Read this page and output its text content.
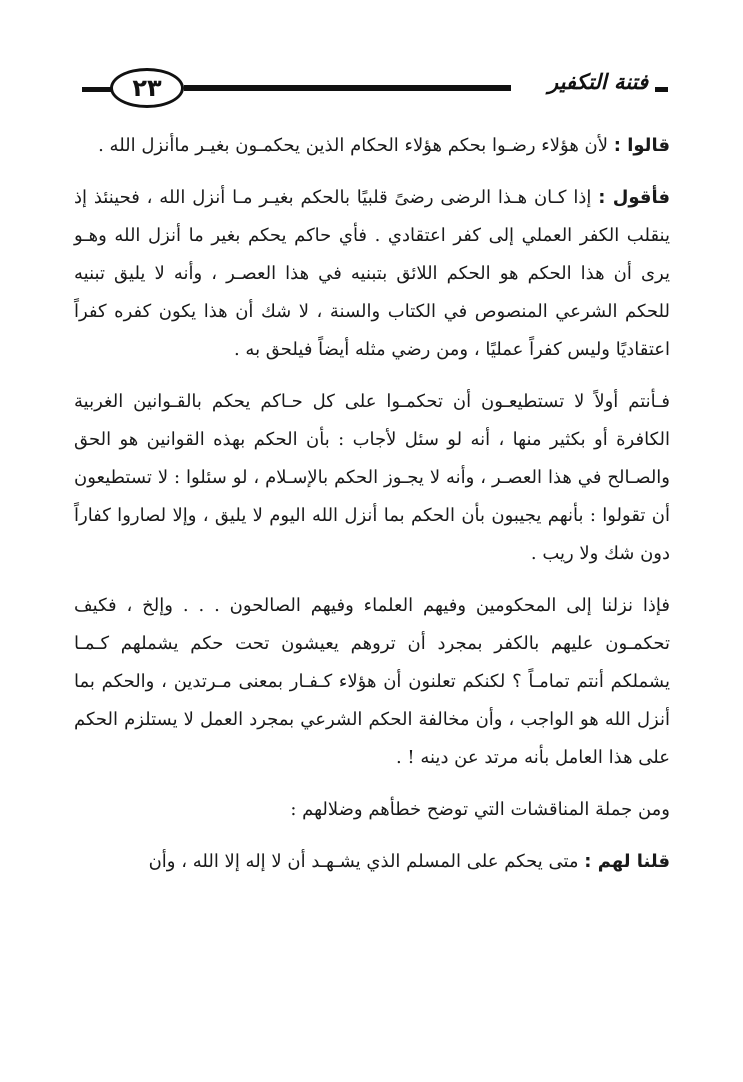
٢٣	فتنة التكفير

قالوا : لأن هؤلاء رضـوا بحكم هؤلاء الحكام الذين يحكمـون بغيـر ماأنزل الله .

فأقول : إذا كـان هـذا الرضى رضىً قلبيًا بالحكم بغيـر مـا أنزل الله ، فحينئذ إذ ينقلب الكفر العملي إلى كفر اعتقادي . فأي حاكم يحكم بغير ما أنزل الله وهـو يرى أن هذا الحكم هو الحكم اللائق بتبنيه في هذا العصـر ، وأنه لا يليق تبنيه للحكم الشرعي المنصوص في الكتاب والسنة ، لا شك أن هذا يكون كفره كفراً اعتقاديًا وليس كفراً عمليًا ، ومن رضي مثله أيضاً فيلحق به .

فـأنتم أولاً لا تستطيعـون أن تحكمـوا على كل حـاكم يحكم بالقـوانين الغربية الكافرة أو بكثير منها ، أنه لو سئل لأجاب : بأن الحكم بهذه القوانين هو الحق والصـالح في هذا العصـر ، وأنه لا يجـوز الحكم بالإسـلام ، لو سئلوا : لا تستطيعون أن تقولوا : بأنهم يجيبون بأن الحكم بما أنزل الله اليوم لا يليق ، وإلا لصاروا كفاراً دون شك ولا ريب .

فإذا نزلنا إلى المحكومين وفيهم العلماء وفيهم الصالحون . . . وإلخ ، فكيف تحكمـون عليهم بالكفر بمجرد أن تروهم يعيشون تحت حكم يشملهم كـمـا يشملكم أنتم تمامـاً ؟ لكنكم تعلنون أن هؤلاء كـفـار بمعنى مـرتدين ، والحكم بما أنزل الله هو الواجب ، وأن مخالفة الحكم الشرعي بمجرد العمل لا يستلزم الحكم على هذا العامل بأنه مرتد عن دينه ! .

ومن جملة المناقشات التي توضح خطأهم وضلالهم :

قلنا لهم : متى يحكم على المسلم الذي يشـهـد أن لا إله إلا الله ، وأن
